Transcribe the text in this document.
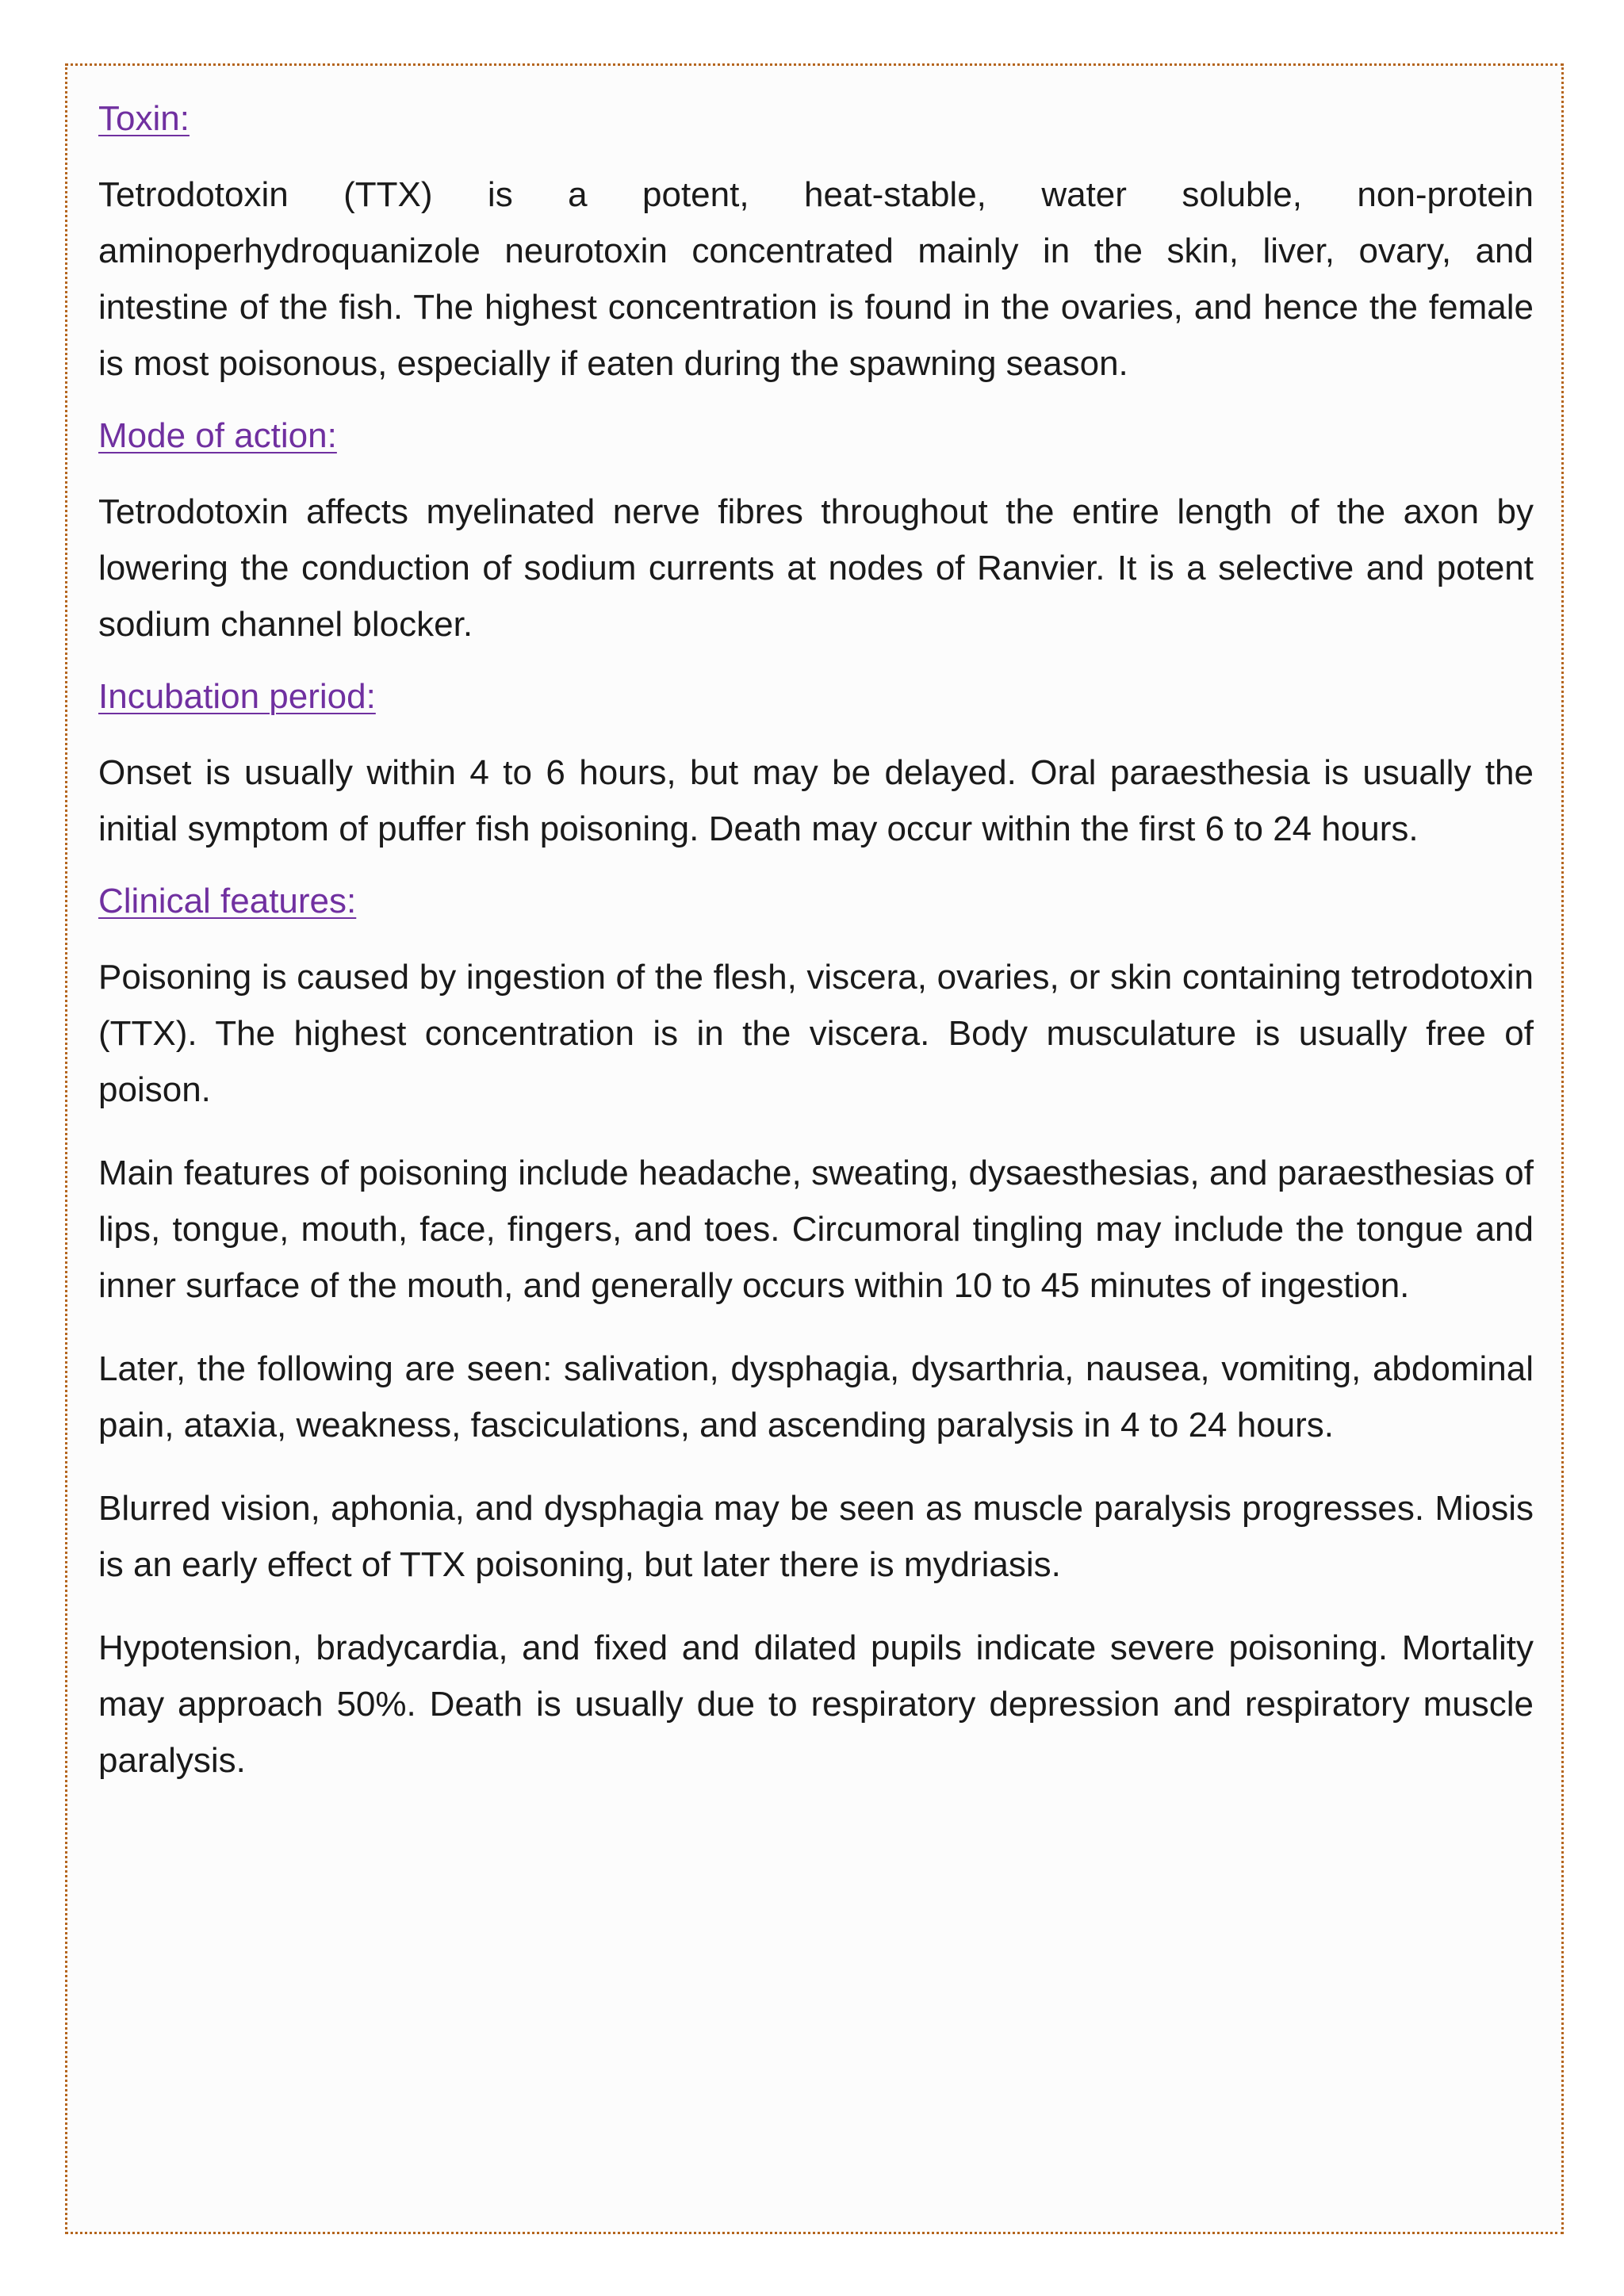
Toxin:

Tetrodotoxin (TTX) is a potent, heat-stable, water soluble, non-protein aminoperhydroquanizole neurotoxin concentrated mainly in the skin, liver, ovary, and intestine of the fish. The highest concentration is found in the ovaries, and hence the female is most poisonous, especially if eaten during the spawning season.

Mode of action:

Tetrodotoxin affects myelinated nerve fibres throughout the entire length of the axon by lowering the conduction of sodium currents at nodes of Ranvier. It is a selective and potent sodium channel blocker.

Incubation period:

Onset is usually within 4 to 6 hours, but may be delayed. Oral paraesthesia is usually the initial symptom of puffer fish poisoning. Death may occur within the first 6 to 24 hours.

Clinical features:

Poisoning is caused by ingestion of the flesh, viscera, ovaries, or skin containing tetrodotoxin (TTX). The highest concentration is in the viscera. Body musculature is usually free of poison.

Main features of poisoning include headache, sweating, dysaesthesias, and paraesthesias of lips, tongue, mouth, face, fingers, and toes. Circumoral tingling may include the tongue and inner surface of the mouth, and generally occurs within 10 to 45 minutes of ingestion.

Later, the following are seen: salivation, dysphagia, dysarthria, nausea, vomiting, abdominal pain, ataxia, weakness, fasciculations, and ascending paralysis in 4 to 24 hours.

Blurred vision, aphonia, and dysphagia may be seen as muscle paralysis progresses. Miosis is an early effect of TTX poisoning, but later there is mydriasis.

Hypotension, bradycardia, and fixed and dilated pupils indicate severe poisoning. Mortality may approach 50%. Death is usually due to respiratory depression and respiratory muscle paralysis.
